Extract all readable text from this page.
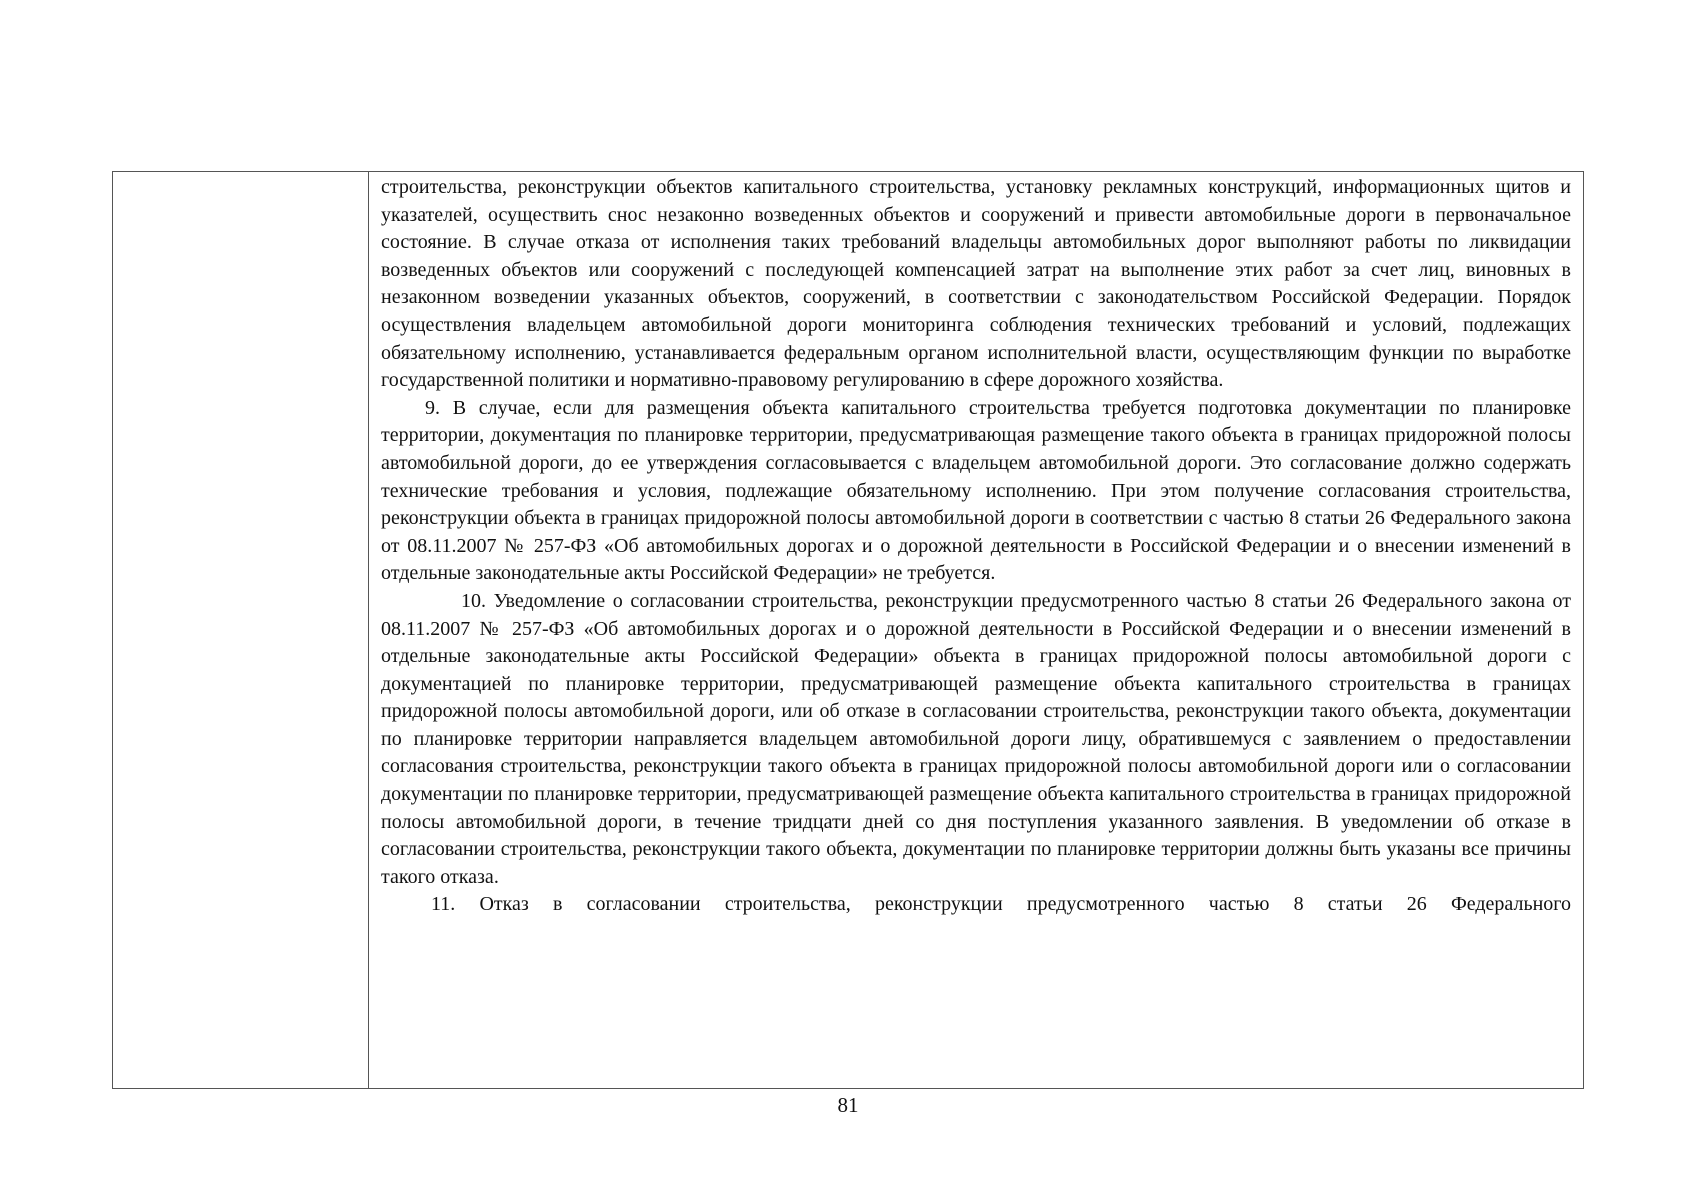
строительства, реконструкции объектов капитального строительства, установку рекламных конструкций, информационных щитов и указателей, осуществить снос незаконно возведенных объектов и сооружений и привести автомобильные дороги в первоначальное состояние. В случае отказа от исполнения таких требований владельцы автомобильных дорог выполняют работы по ликвидации возведенных объектов или сооружений с последующей компенсацией затрат на выполнение этих работ за счет лиц, виновных в незаконном возведении указанных объектов, сооружений, в соответствии с законодательством Российской Федерации. Порядок осуществления владельцем автомобильной дороги мониторинга соблюдения технических требований и условий, подлежащих обязательному исполнению, устанавливается федеральным органом исполнительной власти, осуществляющим функции по выработке государственной политики и нормативно-правовому регулированию в сфере дорожного хозяйства.

9. В случае, если для размещения объекта капитального строительства требуется подготовка документации по планировке территории, документация по планировке территории, предусматривающая размещение такого объекта в границах придорожной полосы автомобильной дороги, до ее утверждения согласовывается с владельцем автомобильной дороги. Это согласование должно содержать технические требования и условия, подлежащие обязательному исполнению. При этом получение согласования строительства, реконструкции объекта в границах придорожной полосы автомобильной дороги в соответствии с частью 8 статьи 26 Федерального закона от 08.11.2007 № 257-ФЗ «Об автомобильных дорогах и о дорожной деятельности в Российской Федерации и о внесении изменений в отдельные законодательные акты Российской Федерации» не требуется.

10. Уведомление о согласовании строительства, реконструкции предусмотренного частью 8 статьи 26 Федерального закона от 08.11.2007 № 257-ФЗ «Об автомобильных дорогах и о дорожной деятельности в Российской Федерации и о внесении изменений в отдельные законодательные акты Российской Федерации» объекта в границах придорожной полосы автомобильной дороги с документацией по планировке территории, предусматривающей размещение объекта капитального строительства в границах придорожной полосы автомобильной дороги, или об отказе в согласовании строительства, реконструкции такого объекта, документации по планировке территории направляется владельцем автомобильной дороги лицу, обратившемуся с заявлением о предоставлении согласования строительства, реконструкции такого объекта в границах придорожной полосы автомобильной дороги или о согласовании документации по планировке территории, предусматривающей размещение объекта капитального строительства в границах придорожной полосы автомобильной дороги, в течение тридцати дней со дня поступления указанного заявления. В уведомлении об отказе в согласовании строительства, реконструкции такого объекта, документации по планировке территории должны быть указаны все причины такого отказа.

11. Отказ в согласовании строительства, реконструкции предусмотренного частью 8 статьи 26 Федерального

81
